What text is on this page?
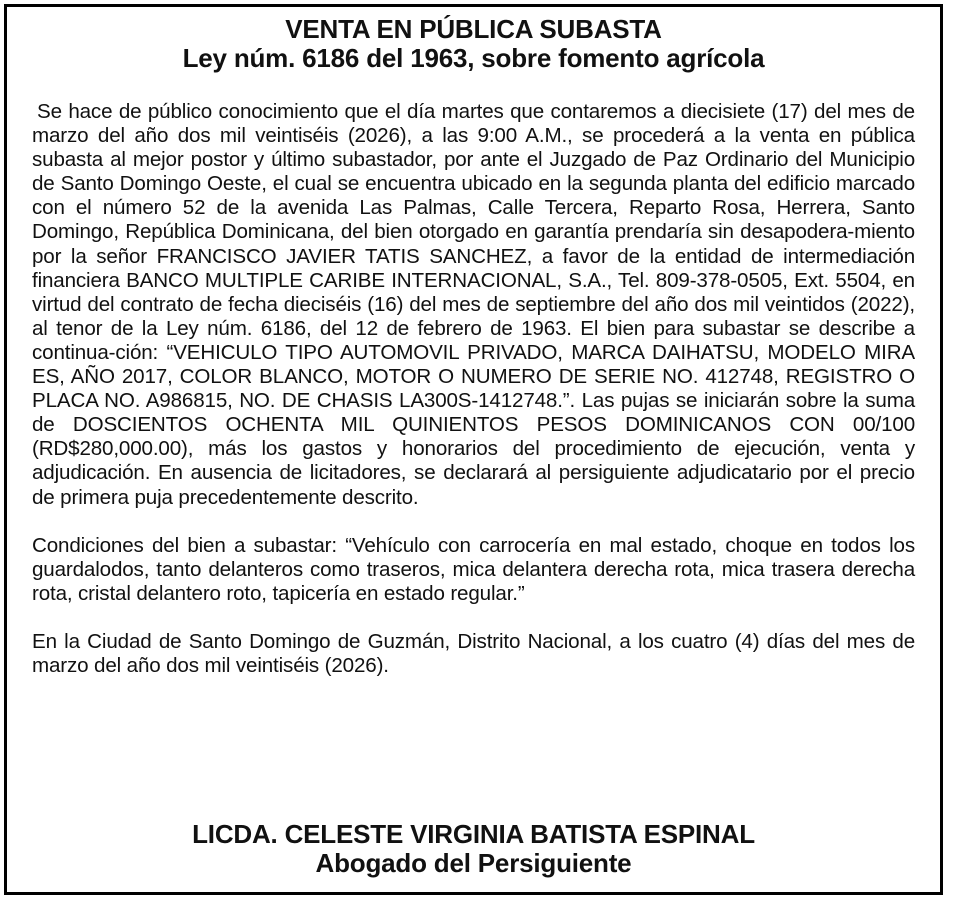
VENTA EN PÚBLICA SUBASTA
Ley núm. 6186 del 1963, sobre fomento agrícola

Se hace de público conocimiento que el día martes que contaremos a diecisiete (17) del mes de marzo del año dos mil veintiséis (2026), a las 9:00 A.M., se procederá a la venta en pública subasta al mejor postor y último subastador, por ante el Juzgado de Paz Ordinario del Municipio de Santo Domingo Oeste, el cual se encuentra ubicado en la segunda planta del edificio marcado con el número 52 de la avenida Las Palmas, Calle Tercera, Reparto Rosa, Herrera, Santo Domingo, República Dominicana, del bien otorgado en garantía prendaría sin desapodera-miento por la señor FRANCISCO JAVIER TATIS SANCHEZ, a favor de la entidad de intermediación financiera BANCO MULTIPLE CARIBE INTERNACIONAL, S.A., Tel. 809-378-0505, Ext. 5504, en virtud del contrato de fecha dieciséis (16) del mes de septiembre del año dos mil veintidos (2022), al tenor de la Ley núm. 6186, del 12 de febrero de 1963. El bien para subastar se describe a continua-ción: “VEHICULO TIPO AUTOMOVIL PRIVADO, MARCA DAIHATSU, MODELO MIRA ES, AÑO 2017, COLOR BLANCO, MOTOR O NUMERO DE SERIE NO. 412748, REGISTRO O PLACA NO. A986815, NO. DE CHASIS LA300S-1412748.”. Las pujas se iniciarán sobre la suma de DOSCIENTOS OCHENTA MIL QUINIENTOS PESOS DOMINICANOS CON 00/100 (RD$280,000.00), más los gastos y honorarios del procedimiento de ejecución, venta y adjudicación. En ausencia de licitadores, se declarará al persiguiente adjudicatario por el precio de primera puja precedentemente descrito.

Condiciones del bien a subastar: “Vehículo con carrocería en mal estado, choque en todos los guardalodos, tanto delanteros como traseros, mica delantera derecha rota, mica trasera derecha rota, cristal delantero roto, tapicería en estado regular.”

En la Ciudad de Santo Domingo de Guzmán, Distrito Nacional, a los cuatro (4) días del mes de marzo del año dos mil veintiséis (2026).

LICDA. CELESTE VIRGINIA BATISTA ESPINAL

Abogado del Persiguiente
